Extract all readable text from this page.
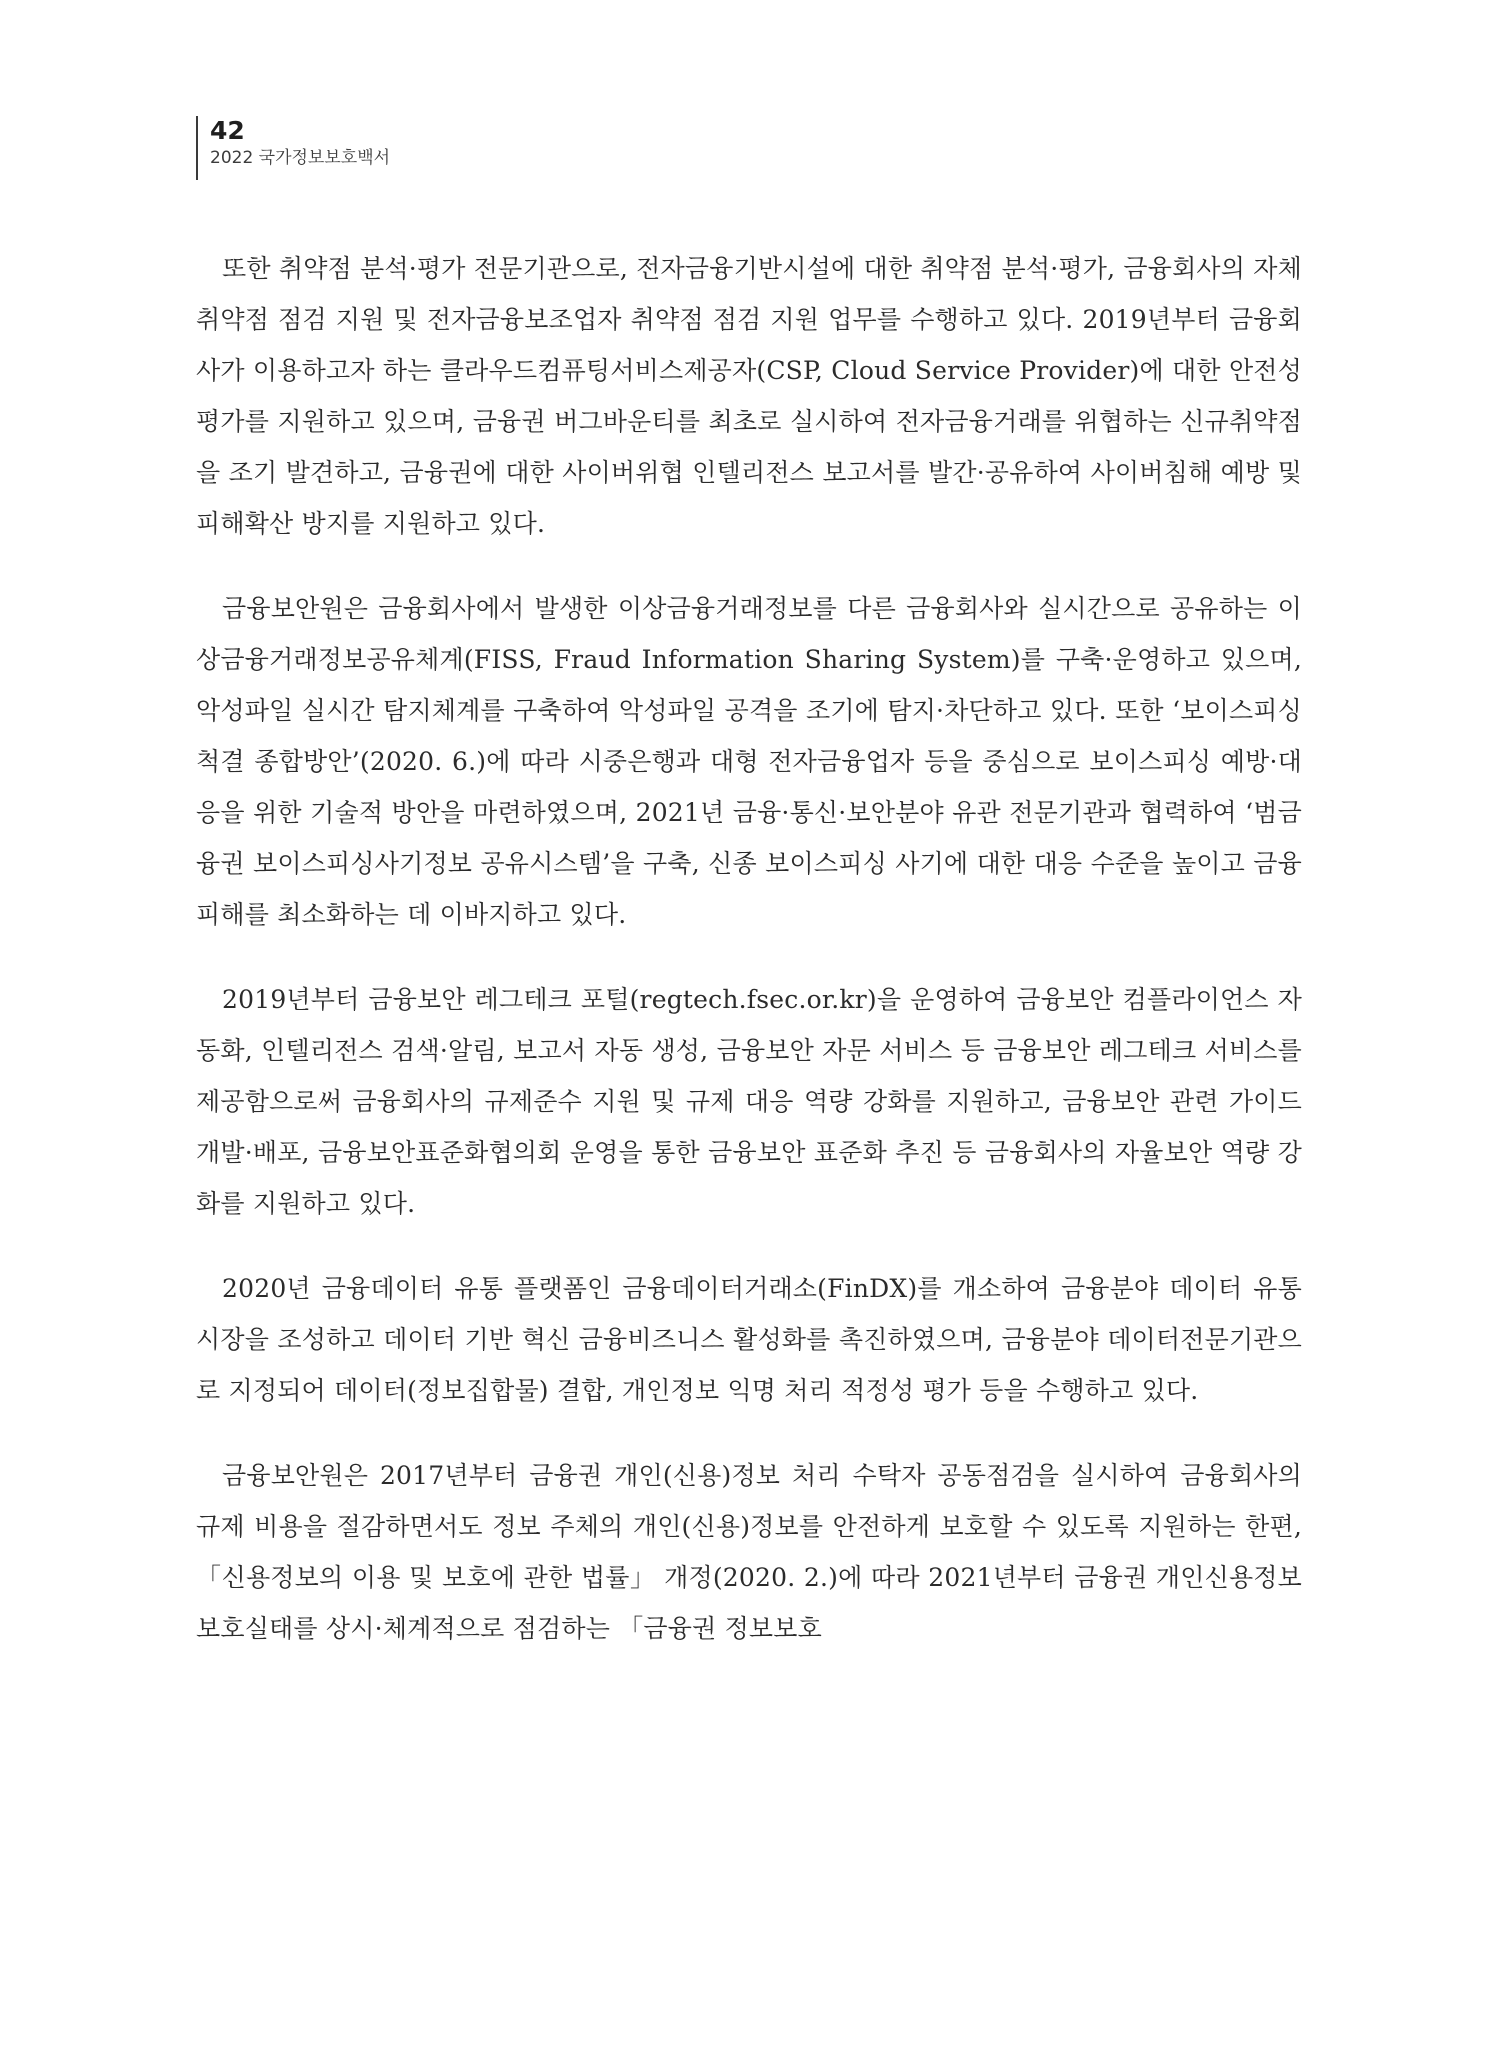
42
2022 국가정보보호백서

또한 취약점 분석·평가 전문기관으로, 전자금융기반시설에 대한 취약점 분석·평가, 금융회사의 자체 취약점 점검 지원 및 전자금융보조업자 취약점 점검 지원 업무를 수행하고 있다. 2019년부터 금융회사가 이용하고자 하는 클라우드컴퓨팅서비스제공자(CSP, Cloud Service Provider)에 대한 안전성 평가를 지원하고 있으며, 금융권 버그바운티를 최초로 실시하여 전자금융거래를 위협하는 신규취약점을 조기 발견하고, 금융권에 대한 사이버위협 인텔리전스 보고서를 발간·공유하여 사이버침해 예방 및 피해확산 방지를 지원하고 있다.

금융보안원은 금융회사에서 발생한 이상금융거래정보를 다른 금융회사와 실시간으로 공유하는 이상금융거래정보공유체계(FISS, Fraud Information Sharing System)를 구축·운영하고 있으며, 악성파일 실시간 탐지체계를 구축하여 악성파일 공격을 조기에 탐지·차단하고 있다. 또한 ‘보이스피싱 척결 종합방안’(2020. 6.)에 따라 시중은행과 대형 전자금융업자 등을 중심으로 보이스피싱 예방·대응을 위한 기술적 방안을 마련하였으며, 2021년 금융·통신·보안분야 유관 전문기관과 협력하여 ‘범금융권 보이스피싱사기정보 공유시스템’을 구축, 신종 보이스피싱 사기에 대한 대응 수준을 높이고 금융 피해를 최소화하는 데 이바지하고 있다.

2019년부터 금융보안 레그테크 포털(regtech.fsec.or.kr)을 운영하여 금융보안 컴플라이언스 자동화, 인텔리전스 검색·알림, 보고서 자동 생성, 금융보안 자문 서비스 등 금융보안 레그테크 서비스를 제공함으로써 금융회사의 규제준수 지원 및 규제 대응 역량 강화를 지원하고, 금융보안 관련 가이드 개발·배포, 금융보안표준화협의회 운영을 통한 금융보안 표준화 추진 등 금융회사의 자율보안 역량 강화를 지원하고 있다.

2020년 금융데이터 유통 플랫폼인 금융데이터거래소(FinDX)를 개소하여 금융분야 데이터 유통 시장을 조성하고 데이터 기반 혁신 금융비즈니스 활성화를 촉진하였으며, 금융분야 데이터전문기관으로 지정되어 데이터(정보집합물) 결합, 개인정보 익명 처리 적정성 평가 등을 수행하고 있다.

금융보안원은 2017년부터 금융권 개인(신용)정보 처리 수탁자 공동점검을 실시하여 금융회사의 규제 비용을 절감하면서도 정보 주체의 개인(신용)정보를 안전하게 보호할 수 있도록 지원하는 한편, 「신용정보의 이용 및 보호에 관한 법률」 개정(2020. 2.)에 따라 2021년부터 금융권 개인신용정보 보호실태를 상시·체계적으로 점검하는 「금융권 정보보호
